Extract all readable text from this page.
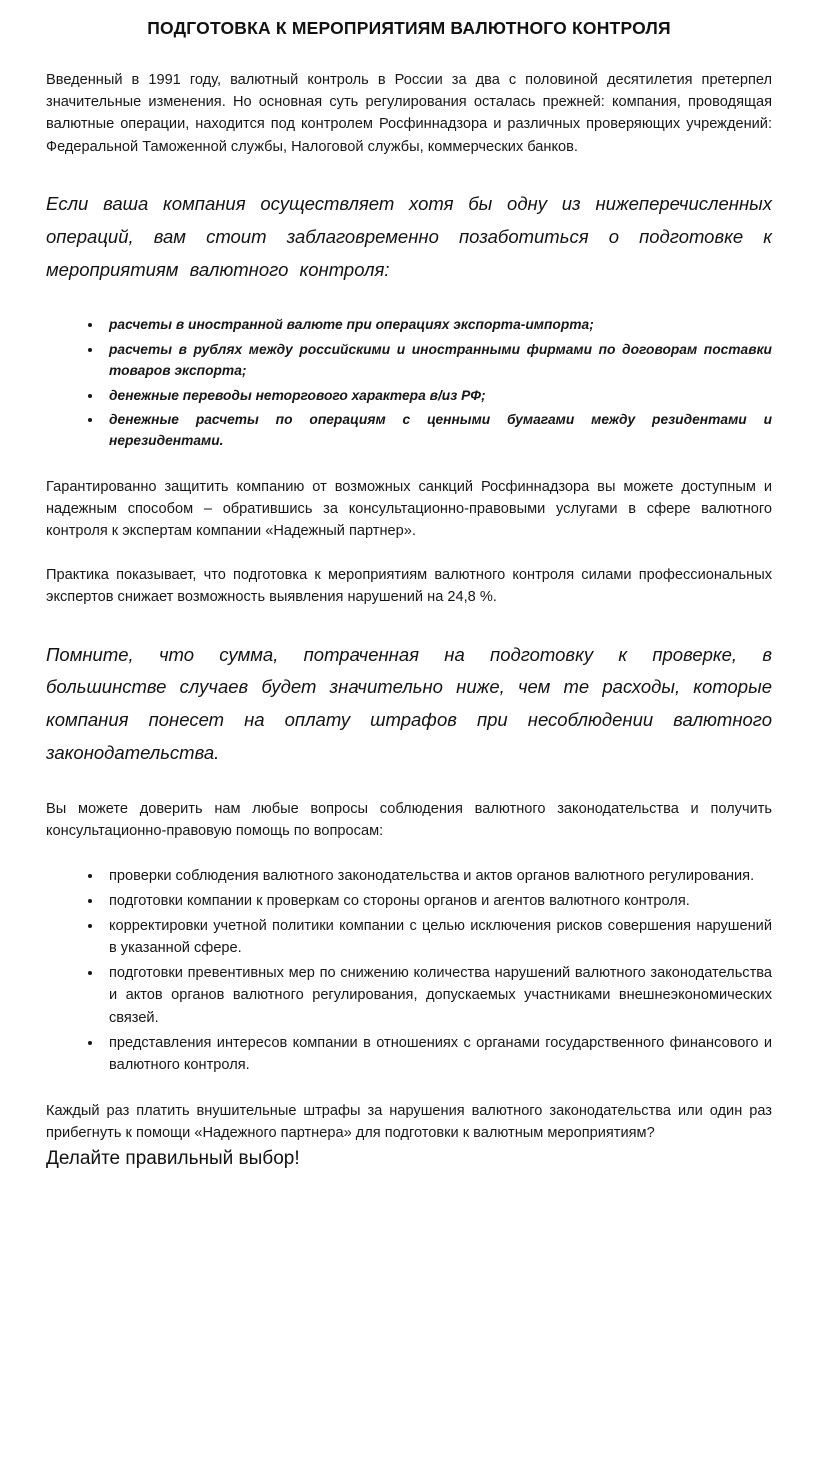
ПОДГОТОВКА К МЕРОПРИЯТИЯМ ВАЛЮТНОГО КОНТРОЛЯ

Введенный в 1991 году, валютный контроль в России за два с половиной десятилетия претерпел значительные изменения. Но основная суть регулирования осталась прежней: компания, проводящая валютные операции, находится под контролем Росфиннадзора и различных проверяющих учреждений: Федеральной Таможенной службы, Налоговой службы, коммерческих банков.

Если ваша компания осуществляет хотя бы одну из нижеперечисленных операций, вам стоит заблаговременно позаботиться о подготовке к мероприятиям валютного контроля:

• расчеты в иностранной валюте при операциях экспорта-импорта;
• расчеты в рублях между российскими и иностранными фирмами по договорам поставки товаров экспорта;
• денежные переводы неторгового характера в/из РФ;
• денежные расчеты по операциям с ценными бумагами между резидентами и нерезидентами.

Гарантированно защитить компанию от возможных санкций Росфиннадзора вы можете доступным и надежным способом – обратившись за консультационно-правовыми услугами в сфере валютного контроля к экспертам компании «Надежный партнер».

Практика показывает, что подготовка к мероприятиям валютного контроля силами профессиональных экспертов снижает возможность выявления нарушений на 24,8 %.

Помните, что сумма, потраченная на подготовку к проверке, в большинстве случаев будет значительно ниже, чем те расходы, которые компания понесет на оплату штрафов при несоблюдении валютного законодательства.

Вы можете доверить нам любые вопросы соблюдения валютного законодательства и получить консультационно-правовую помощь по вопросам:

• проверки соблюдения валютного законодательства и актов органов валютного регулирования.
• подготовки компании к проверкам со стороны органов и агентов валютного контроля.
• корректировки учетной политики компании с целью исключения рисков совершения нарушений в указанной сфере.
• подготовки превентивных мер по снижению количества нарушений валютного законодательства и актов органов валютного регулирования, допускаемых участниками внешнеэкономических связей.
• представления интересов компании в отношениях с органами государственного финансового и валютного контроля.

Каждый раз платить внушительные штрафы за нарушения валютного законодательства или один раз прибегнуть к помощи «Надежного партнера» для подготовки к валютным мероприятиям?

Делайте правильный выбор!
